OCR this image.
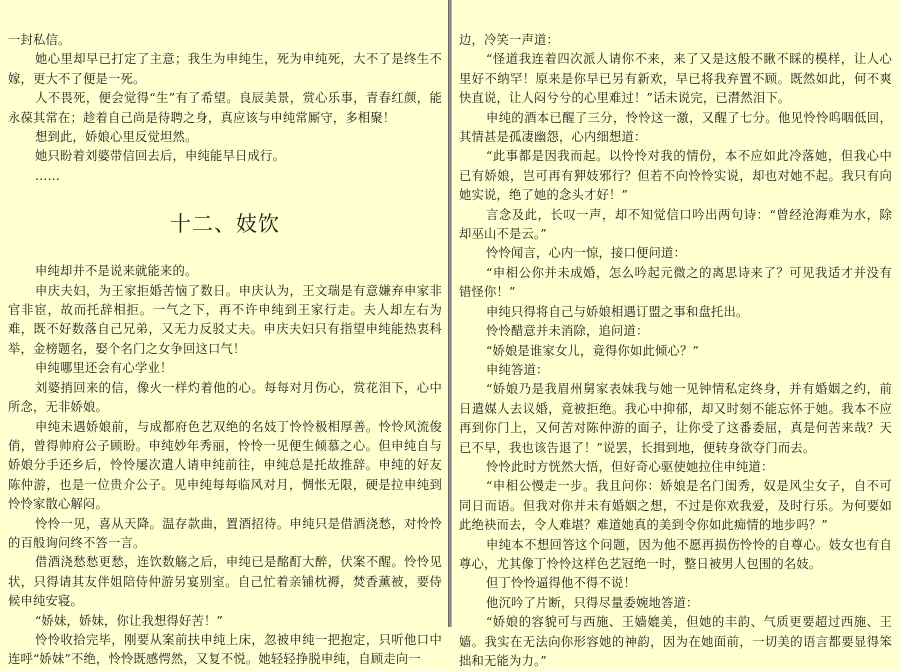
一封私信。

她心里却早已打定了主意；我生为申纯生，死为申纯死，大不了是终生不嫁，更大不了便是一死。

人不畏死，便会觉得“生”有了希望。良辰美景，赏心乐事，青春红颜，能永葆其常在；趁着自己尚是待聘之身，真应该与申纯常厮守，多相聚！

想到此，娇娘心里反觉坦然。

她只盼着刘婆带信回去后，申纯能早日成行。

……

十二、妓饮

申纯却并不是说来就能来的。

申庆夫妇，为王家拒婚苦恼了数日。申庆认为，王文瑞是有意嫌弃申家非官非宦，故而托辞相拒。一气之下，再不许申纯到王家行走。夫人却左右为难，既不好数落自己兄弟，又无力反驳丈夫。申庆夫妇只有指望申纯能热衷科举，金榜题名，娶个名门之女争回这口气！

申纯哪里还会有心学业！

刘婆捎回来的信，像火一样灼着他的心。每每对月伤心，赏花泪下，心中所念，无非娇娘。

申纯未遇娇娘前，与成都府色艺双绝的名妓丁怜怜极相厚善。怜怜风流俊俏，曾得帅府公子顾盼。申纯妙年秀丽，怜怜一见便生倾慕之心。但申纯自与娇娘分手还乡后，怜怜屡次遣人请申纯前往，申纯总是托故推辞。申纯的好友陈仲游，也是一位贵介公子。见申纯每每临风对月，惆怅无限，硬是拉申纯到怜怜家散心解闷。

怜怜一见，喜从天降。温存款曲，置酒招待。申纯只是借酒浇愁，对怜怜的百般询问终不答一言。

借酒浇愁愁更愁，连饮数觞之后，申纯已是酩酊大醉，伏案不醒。怜怜见状，只得请其友伴姐陪侍仲游另宴别室。自己忙着亲铺枕褥，焚香薰被，要侍候申纯安寝。

“娇妹，娇妹，你让我想得好苦！”

怜怜收拾完毕，刚要从案前扶申纯上床，忽被申纯一把抱定，只听他口中连呼“娇妹”不绝，怜怜既感愕然，又复不悦。她轻轻挣脱申纯，自顾走向一

边，冷笑一声道：

“怪道我连着四次派人请你不来，来了又是这般不瞅不睬的模样，让人心里好不纳罕！原来是你早已另有新欢，早已将我弃置不顾。既然如此，何不爽快直说，让人闷兮兮的心里难过！”话未说完，已潸然泪下。

申纯的酒本已醒了三分，怜怜这一激，又醒了七分。他见怜怜呜咽低回，其情甚是孤凄幽怨，心内细想道：

“此事都是因我而起。以怜怜对我的情份，本不应如此冷落她，但我心中已有娇娘，岂可再有狎妓邪行？但若不向怜怜实说，却也对她不起。我只有向她实说，绝了她的念头才好！”

言念及此，长叹一声，却不知觉信口吟出两句诗：“曾经沧海难为水，除却巫山不是云。”

怜怜闻言，心内一惊，接口便问道：

“申相公你并未成婚，怎么吟起元微之的离思诗来了？可见我适才并没有错怪你！”

申纯只得将自己与娇娘相遇订盟之事和盘托出。

怜怜醋意并未消除，追问道：

“娇娘是谁家女儿，竟得你如此倾心？”

申纯答道：

“娇娘乃是我眉州舅家表妹我与她一见钟情私定终身，并有婚姻之约，前日遣媒人去议婚，竟被拒绝。我心中抑郁，却又时刻不能忘怀于她。我本不应再到你门上，又何苦对陈仲游的面子，让你受了这番委屈，真是何苦来哉？天已不早，我也该告退了！”说罢，长揖到地，便转身欲夺门而去。

怜怜此时方恍然大悟，但好奇心驱使她拉住申纯道：

“申相公慢走一步。我且问你：娇娘是名门闺秀，奴是风尘女子，自不可同日而语。但我对你并未有婚姻之想，不过是你欢我爱，及时行乐。为何要如此绝袂而去，令人难堪？难道她真的美到令你如此痴情的地步吗？”

申纯本不想回答这个问题，因为他不愿再损伤怜怜的自尊心。妓女也有自尊心，尤其像丁怜怜这样色艺冠绝一时，整日被男人包围的名妓。

但丁怜怜逼得他不得不说！

他沉吟了片断，只得尽量委婉地答道：

“娇娘的容貌可与西施、王嫱媲美，但她的丰韵、气质更要超过西施、王嫱。我实在无法向你形容她的神韵，因为在她面前，一切美的语言都要显得笨拙和无能为力。”
